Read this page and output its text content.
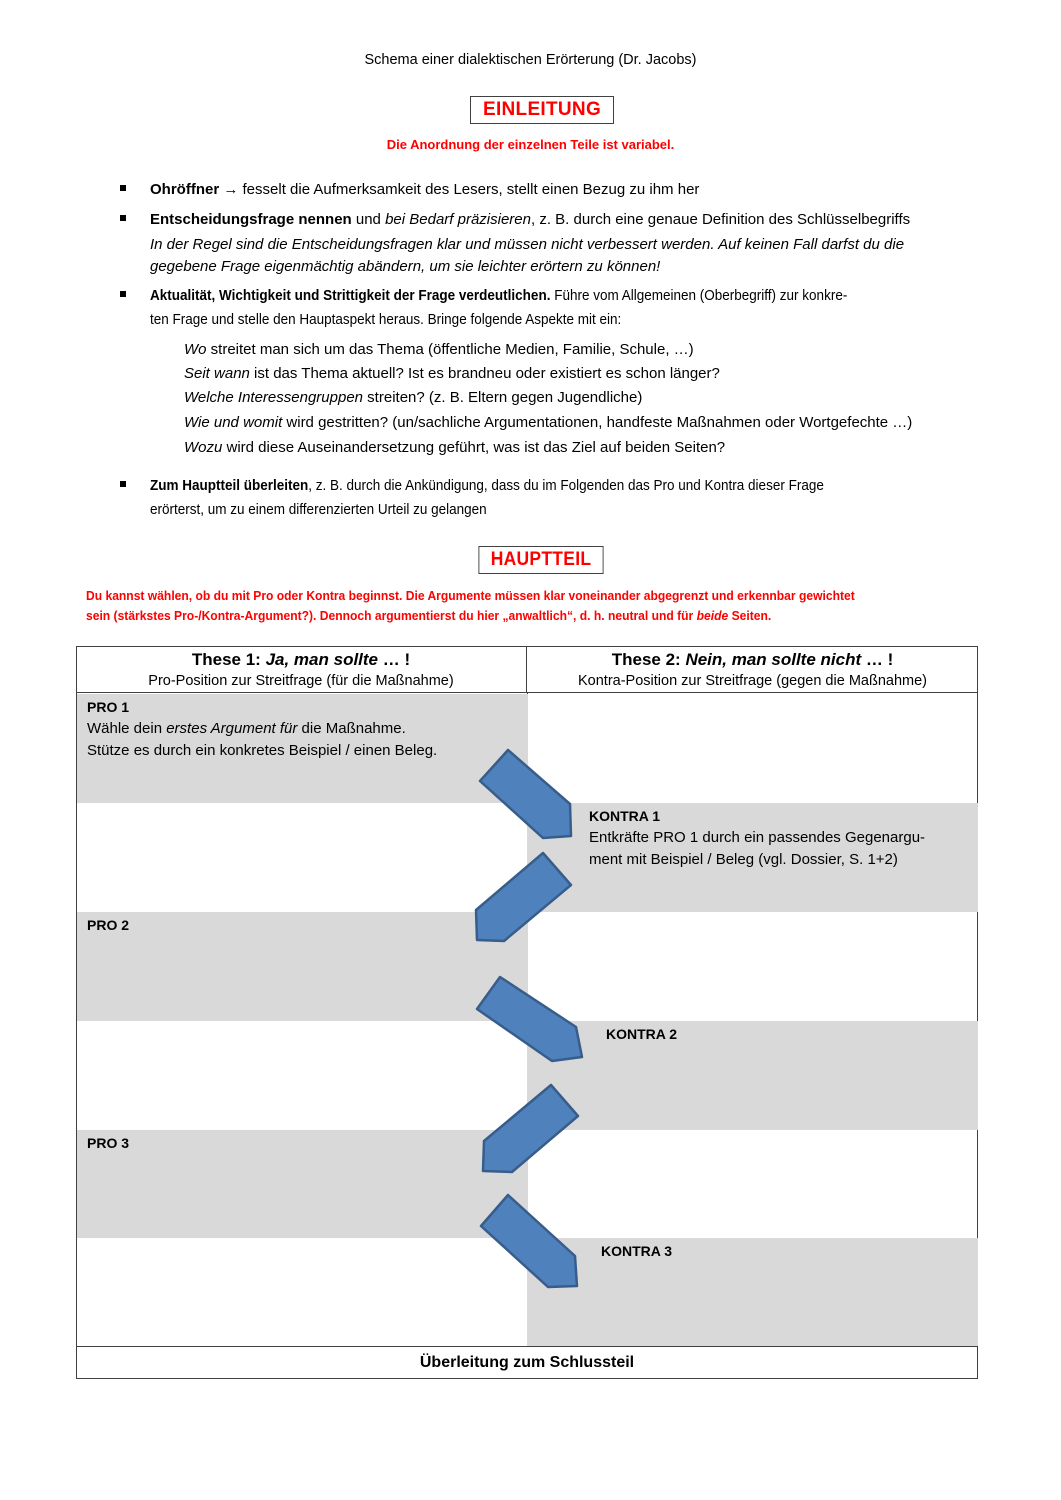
Schema einer dialektischen Erörterung (Dr. Jacobs)
EINLEITUNG
Die Anordnung der einzelnen Teile ist variabel.
Ohröffner → fesselt die Aufmerksamkeit des Lesers, stellt einen Bezug zu ihm her
Entscheidungsfrage nennen und bei Bedarf präzisieren, z. B. durch eine genaue Definition des Schlüsselbegriffs
In der Regel sind die Entscheidungsfragen klar und müssen nicht verbessert werden. Auf keinen Fall darfst du die
gegebene Frage eigenmächtig abändern, um sie leichter erörtern zu können!
Aktualität, Wichtigkeit und Strittigkeit der Frage verdeutlichen. Führe vom Allgemeinen (Oberbegriff) zur konkre-
ten Frage und stelle den Hauptaspekt heraus. Bringe folgende Aspekte mit ein:
Wo streitet man sich um das Thema (öffentliche Medien, Familie, Schule, …)
Seit wann ist das Thema aktuell? Ist es brandneu oder existiert es schon länger?
Welche Interessengruppen streiten? (z. B. Eltern gegen Jugendliche)
Wie und womit wird gestritten? (un/sachliche Argumentationen, handfeste Maßnahmen oder Wortgefechte …)
Wozu wird diese Auseinandersetzung geführt, was ist das Ziel auf beiden Seiten?
Zum Hauptteil überleiten, z. B. durch die Ankündigung, dass du im Folgenden das Pro und Kontra dieser Frage
erörterst, um zu einem differenzierten Urteil zu gelangen
HAUPTTEIL
Du kannst wählen, ob du mit Pro oder Kontra beginnst. Die Argumente müssen klar voneinander abgegrenzt und erkennbar gewichtet
sein (stärkstes Pro-/Kontra-Argument?). Dennoch argumentierst du hier „anwaltlich“, d. h. neutral und für beide Seiten.
These 1: Ja, man sollte … !
Pro-Position zur Streitfrage (für die Maßnahme)
These 2: Nein, man sollte nicht … !
Kontra-Position zur Streitfrage (gegen die Maßnahme)
PRO 1
Wähle dein erstes Argument für die Maßnahme.
Stütze es durch ein konkretes Beispiel / einen Beleg.
KONTRA 1
Entkräfte PRO 1 durch ein passendes Gegenargu-
ment mit Beispiel / Beleg (vgl. Dossier, S. 1+2)
PRO 2
KONTRA 2
PRO 3
KONTRA 3
Überleitung zum Schlussteil
